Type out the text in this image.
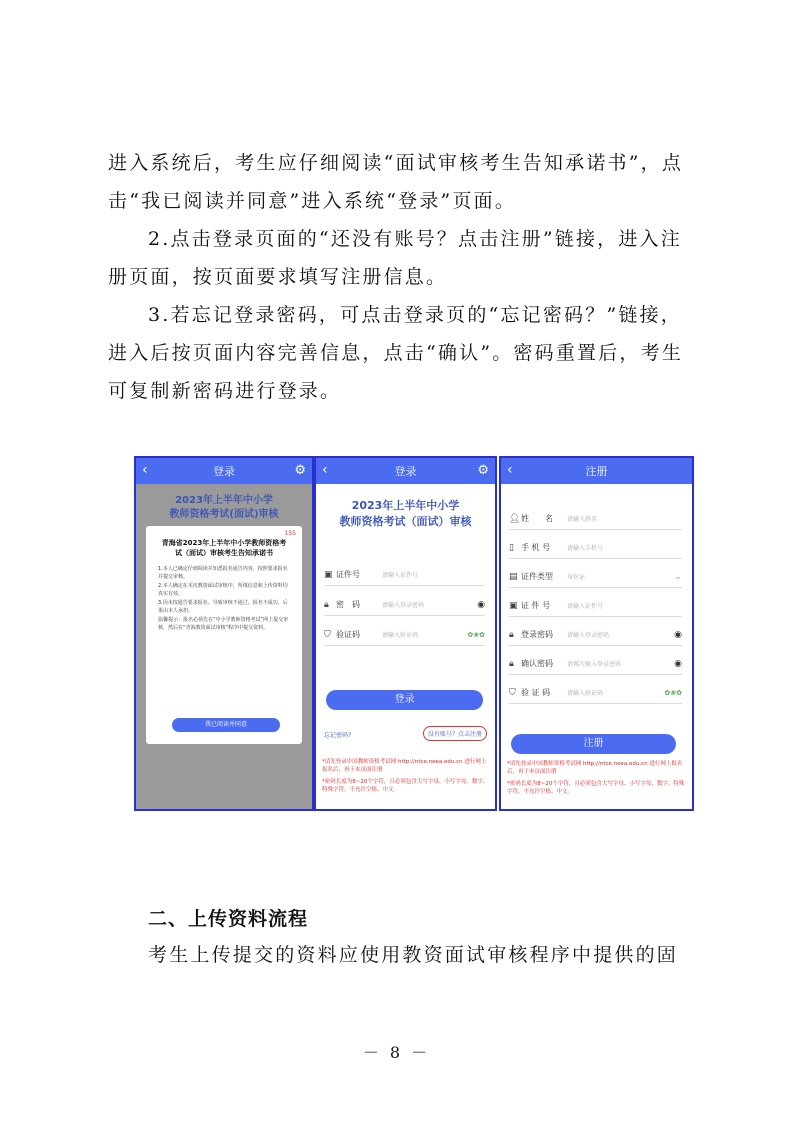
进入系统后，考生应仔细阅读“面试审核考生告知承诺书”，点
击“我已阅读并同意”进入系统“登录”页面。
2.点击登录页面的“还没有账号？点击注册”链接，进入注
册页面，按页面要求填写注册信息。
3.若忘记登录密码，可点击登录页的“忘记密码？”链接，
进入后按页面内容完善信息，点击“确认”。密码重置后，考生
可复制新密码进行登录。
‹	登录	⚙
2023年上半年中小学
教师资格考试(面试)审核
15S
青海省2023年上半年中小学教师资格考
试（面试）审核考生告知承诺书

1.本人已确定仔细阅读并知悉报名通告内容，按照要求报名并提交审核。

2.本人确定在本次教资面试审核中，所填信息和上传资料均真实有效。

3.因未按通告要求报名、导致审核不通过、报名不成功，后果由本人承担。

温馨提示：报名必须先在“中小学教师资格考试”网上提交审核，然后在“青海教资面试审核”程序中提交资料。

我已阅读并同意
‹	登录	⚙
2023年上半年中小学
教师资格考试（面试）审核
▣ 证件号	请输入证件号
🔒︎ 密　码	请输入登录密码	◉
⛉ 验证码	请输入验证码	✿❀✿
登录
忘记密码?	没有账号？点击注册
*请先登录中国教师资格考试网 http://ntce.neea.edu.cn 进行网上报名后，再于本页面注册
*密码长度为8~20个字符，且必须包含大写字母、小写字母、数字、特殊字符，不允许空格、中文。
‹	注册
👤︎ 姓　　名	请输入姓名
▯ 手 机 号	请输入手机号
▤ 证件类型	身份证	⌄
▣ 证 件 号	请输入证件号
🔒︎ 登录密码	请输入登录密码	◉
🔒︎ 确认密码	请再次输入登录密码	◉
⛉ 验 证 码	请输入验证码	✿❀✿
注册
*请先登录中国教师资格考试网 http://ntce.neea.edu.cn 进行网上报名后，再于本页面注册
*密码长度为8~20个字符，且必须包含大写字母、小写字母、数字、特殊字符，不允许空格、中文。
二、上传资料流程
考生上传提交的资料应使用教资面试审核程序中提供的固
－ 8 －
